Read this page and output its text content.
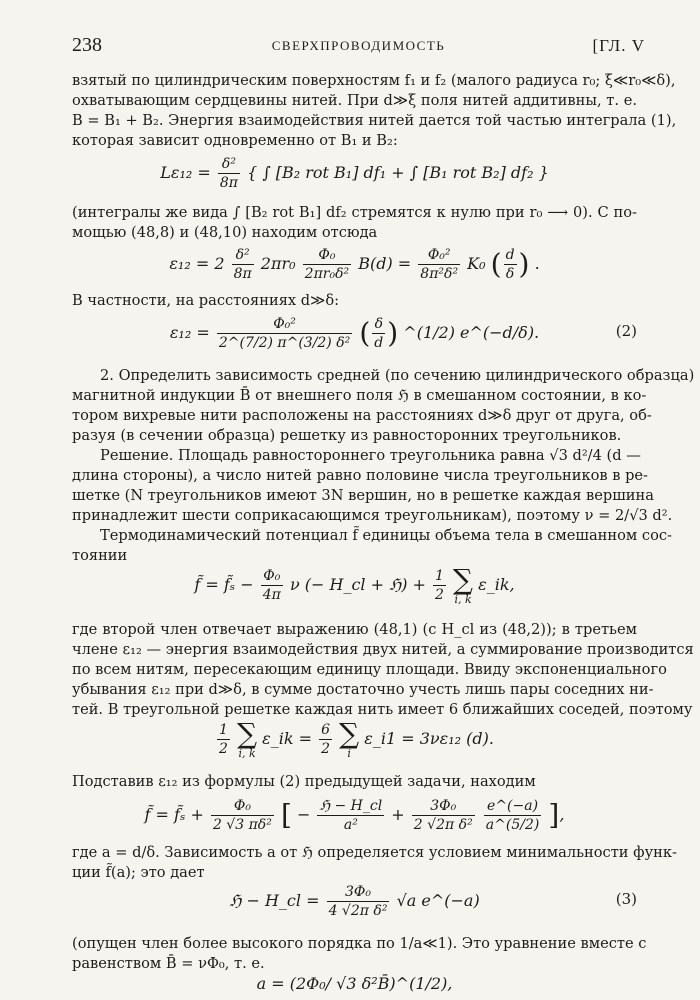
238	СВЕРХПРОВОДИМОСТЬ	[ГЛ. V
взятый по цилиндрическим поверхностям f₁ и f₂ (малого радиуса r₀; ξ≪r₀≪δ),
охватывающим сердцевины нитей. При d≫ξ поля нитей аддитивны, т. е.
B = B₁ + B₂. Энергия взаимодействия нитей дается той частью интеграла (1),
которая зависит одновременно от B₁ и B₂:
$L\varepsilon_{12} = \frac{\text{δ²}}{8\pi}$ { ∫ [B₂ rot B₁] df₁ + ∫ [B₁ rot B₂] df₂ }
(интегралы же вида ∫ [B₂ rot B₁] df₂ стремятся к нулю при r₀ ⟶ 0). С по-
мощью (48,8) и (48,10) находим отсюда
$\varepsilon_{12} = 2 \frac{\text{δ²}}{8\pi} 2\pi r_0 \frac{\text{Φ₀}}{\text{2πr₀δ²}} B(d) = \frac{\text{Φ₀²}}{\text{8π²δ²}} K_0$ ( $\frac{d}{\delta}$ ) .
В частности, на расстояниях d≫δ:
$\varepsilon_{12} = \frac{\text{Φ₀²}}{\text{2\textasciicircum{}(7/2) π\textasciicircum{}(3/2) δ²}}$ ( $\frac{\delta}{d}$ ) ^(1/2) e^(−d/δ).	(2)
2. Определить зависимость средней (по сечению цилиндрического образца)
магнитной индукции B̄ от внешнего поля ℌ в смешанном состоянии, в ко-
тором вихревые нити расположены на расстояниях d≫δ друг от друга, об-
разуя (в сечении образца) решетку из равносторонних треугольников.
Решение. Площадь равностороннего треугольника равна √3 d²/4 (d —
длина стороны), а число нитей равно половине числа треугольников в ре-
шетке (N треугольников имеют 3N вершин, но в решетке каждая вершина
принадлежит шести соприкасающимся треугольникам), поэтому ν = 2/√3 d².
Термодинамический потенциал f̃ единицы объема тела в смешанном сос-
тоянии
f̃ = f̃ₛ − $\frac{\text{Φ₀}}{4\pi}$ ν (− H_cl + ℌ) + $\frac{1}{2}$
∑
i, k
ε_ik,
где второй член отвечает выражению (48,1) (с H_cl из (48,2)); в третьем
члене ε₁₂ — энергия взаимодействия двух нитей, а суммирование производится
по всем нитям, пересекающим единицу площади. Ввиду экспоненциального
убывания ε₁₂ при d≫δ, в сумме достаточно учесть лишь пары соседних ни-
тей. В треугольной решетке каждая нить имеет 6 ближайших соседей, поэтому
$\frac{1}{2}$
∑
i, k
ε_ik = $\frac{6}{2}$
∑
i
ε_i1 = 3νε₁₂ (d).
Подставив ε₁₂ из формулы (2) предыдущей задачи, находим
f̃ = f̃ₛ + $\frac{\text{Φ₀}}{\text{2 √3 πδ²}}$ [ − $\frac{\text{ℌ − H\_cl}}{\text{a²}} + \frac{\text{3Φ₀}}{\text{2 √2π δ²}}$
$\frac{e\^{}(-a)}{a\^{}(5/2)}$ ],
где a = d/δ. Зависимость a от ℌ определяется условием минимальности функ-
ции f̃(a); это дает
ℌ − H_cl = $\frac{\text{3Φ₀}}{\text{4 √2π δ²}} √a$ e^(−a)	(3)
(опущен член более высокого порядка по 1/a≪1). Это уравнение вместе с
равенством B̄ = νΦ₀, т. е.
a = (2Φ₀/ √3 δ²B̄)^(1/2),
